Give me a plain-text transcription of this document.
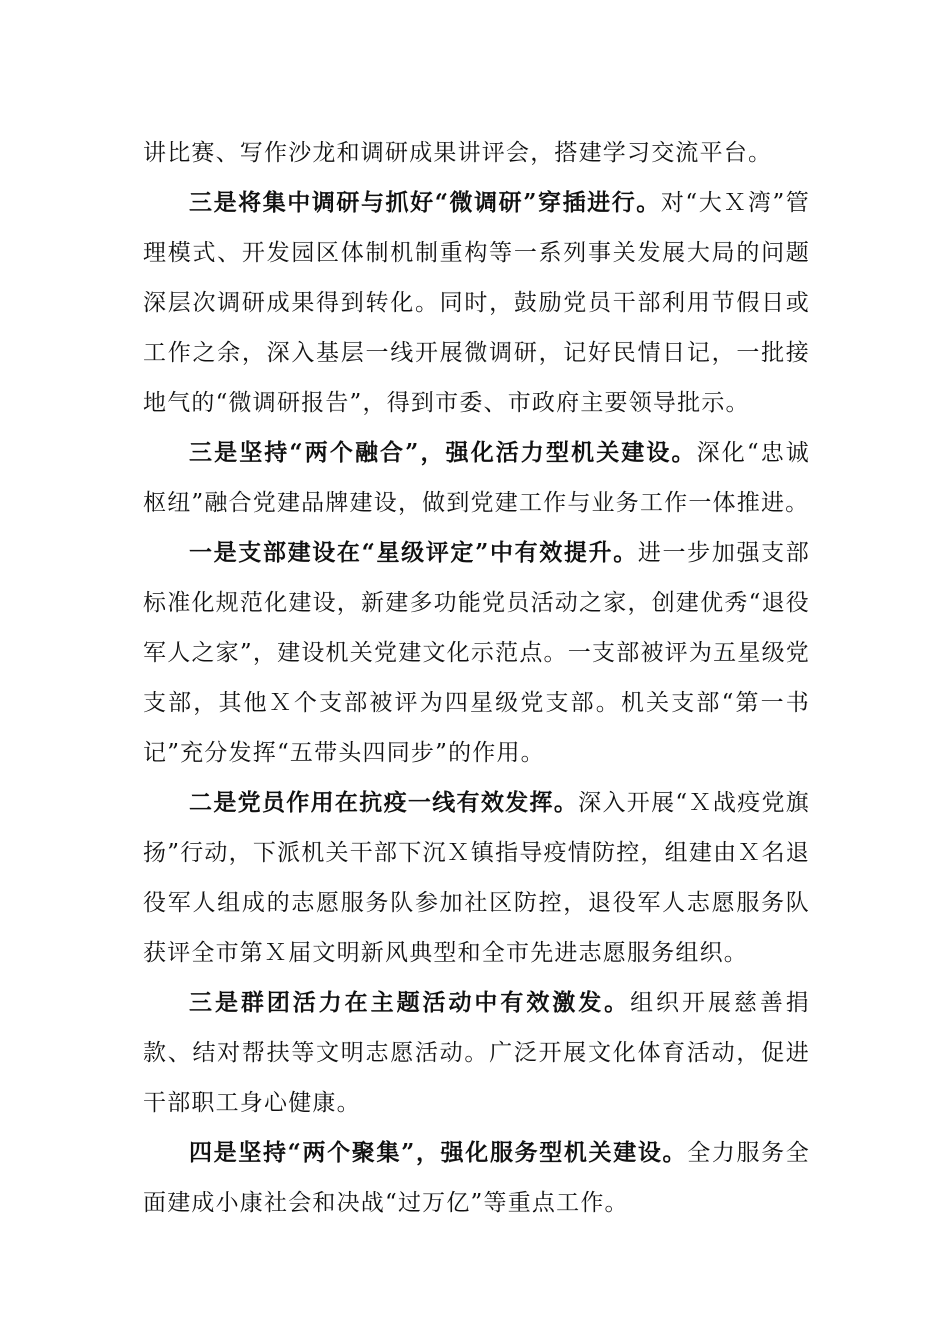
讲比赛、写作沙龙和调研成果讲评会，搭建学习交流平台。

三是将集中调研与抓好“微调研”穿插进行。对“大Ｘ湾”管理模式、开发园区体制机制重构等一系列事关发展大局的问题深层次调研成果得到转化。同时，鼓励党员干部利用节假日或工作之余，深入基层一线开展微调研，记好民情日记，一批接地气的“微调研报告”，得到市委、市政府主要领导批示。

三是坚持“两个融合”，强化活力型机关建设。深化“忠诚枢纽”融合党建品牌建设，做到党建工作与业务工作一体推进。

一是支部建设在“星级评定”中有效提升。进一步加强支部标准化规范化建设，新建多功能党员活动之家，创建优秀“退役军人之家”，建设机关党建文化示范点。一支部被评为五星级党支部，其他Ｘ个支部被评为四星级党支部。机关支部“第一书记”充分发挥“五带头四同步”的作用。

二是党员作用在抗疫一线有效发挥。深入开展“Ｘ战疫党旗扬”行动，下派机关干部下沉Ｘ镇指导疫情防控，组建由Ｘ名退役军人组成的志愿服务队参加社区防控，退役军人志愿服务队获评全市第Ｘ届文明新风典型和全市先进志愿服务组织。

三是群团活力在主题活动中有效激发。组织开展慈善捐款、结对帮扶等文明志愿活动。广泛开展文化体育活动，促进干部职工身心健康。

四是坚持“两个聚集”，强化服务型机关建设。全力服务全面建成小康社会和决战“过万亿”等重点工作。
